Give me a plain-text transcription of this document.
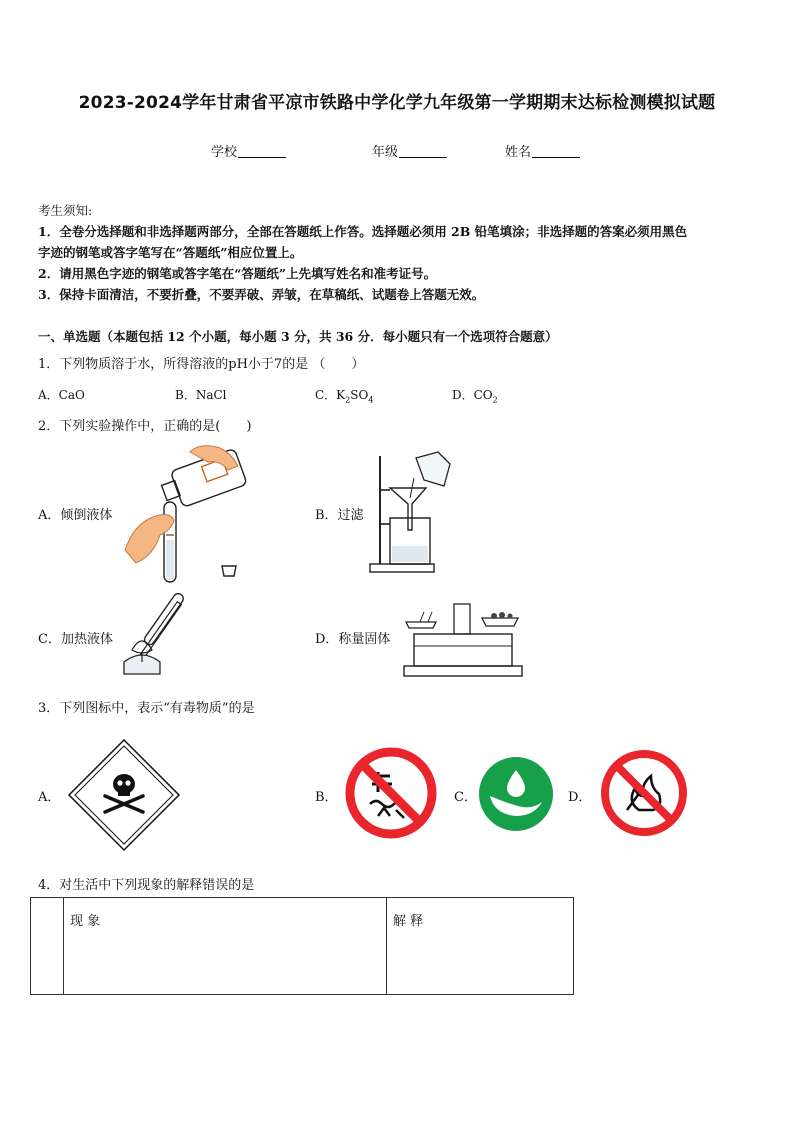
2023-2024学年甘肃省平凉市铁路中学化学九年级第一学期期末达标检测模拟试题
学校	年级	姓名
考生须知:
1．全卷分选择题和非选择题两部分，全部在答题纸上作答。选择题必须用 2B 铅笔填涂；非选择题的答案必须用黑色
字迹的钢笔或答字笔写在“答题纸”相应位置上。
2．请用黑色字迹的钢笔或答字笔在“答题纸”上先填写姓名和准考证号。
3．保持卡面清洁，不要折叠，不要弄破、弄皱，在草稿纸、试题卷上答题无效。
一、单选题（本题包括 12 个小题，每小题 3 分，共 36 分．每小题只有一个选项符合题意）
1．下列物质溶于水，所得溶液的pH小于7的是 （　　）
A．CaO	B．NaCl	C．$K_2SO_4$	D．$CO_2$
2．下列实验操作中，正确的是(　　)
A．倾倒液体	B．过滤
C．加热液体	D．称量固体
3．下列图标中，表示“有毒物质”的是
A．	B．	C．	D．
4．对生活中下列现象的解释错误的是
	现 象	解 释
